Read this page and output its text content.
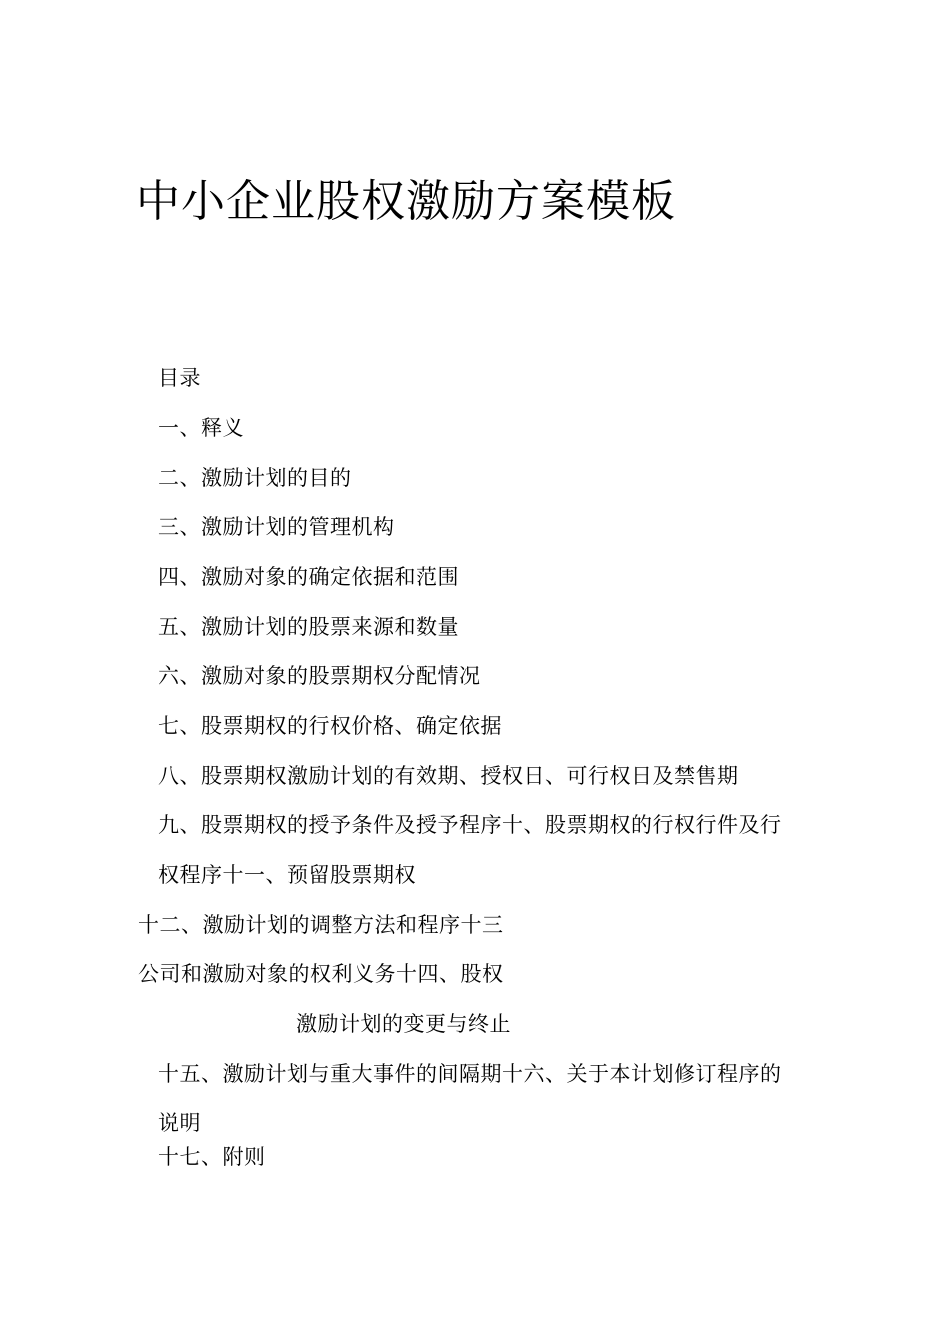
中小企业股权激励方案模板
目录
一、释义
二、激励计划的目的
三、激励计划的管理机构
四、激励对象的确定依据和范围
五、激励计划的股票来源和数量
六、激励对象的股票期权分配情况
七、股票期权的行权价格、确定依据
八、股票期权激励计划的有效期、授权日、可行权日及禁售期
九、股票期权的授予条件及授予程序十、股票期权的行权行件及行
权程序十一、预留股票期权
十二、激励计划的调整方法和程序十三
公司和激励对象的权利义务十四、股权
激励计划的变更与终止
十五、激励计划与重大事件的间隔期十六、关于本计划修订程序的
说明
十七、附则
